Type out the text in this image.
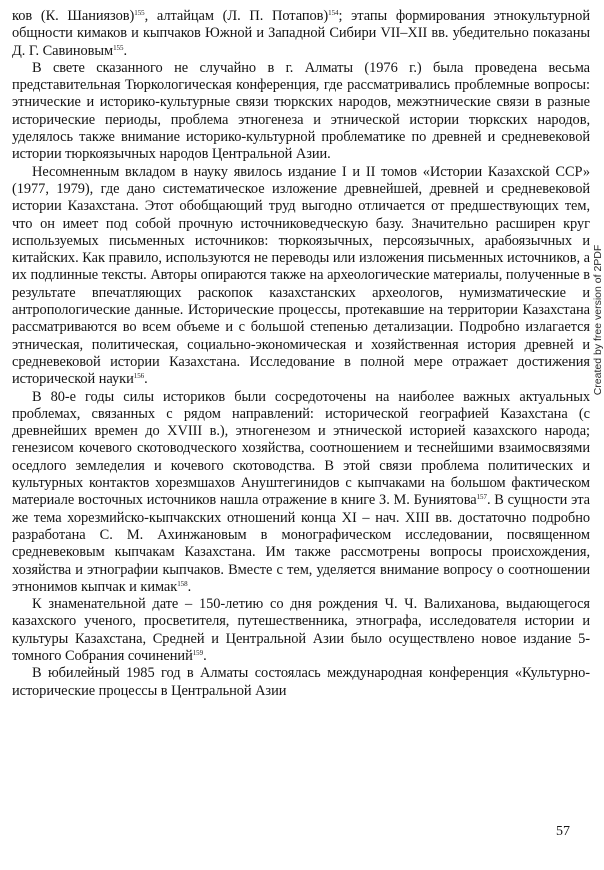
ков (К. Шаниязов)$^{155}$, алтайцам (Л. П. Потапов)$^{154}$; этапы формирования этнокультурной общности кимаков и кыпчаков Южной и Западной Сибири VII–XII вв. убедительно показаны Д. Г. Савиновым$^{155}$.

В свете сказанного не случайно в г. Алматы (1976 г.) была проведена весьма представительная Тюркологическая конференция, где рассматривались проблемные вопросы: этнические и историко-культурные связи тюркских народов, межэтнические связи в разные исторические периоды, проблема этногенеза и этнической истории тюркских народов, уделялось также внимание историко-культурной проблематике по древней и средневековой истории тюркоязычных народов Центральной Азии.

Несомненным вкладом в науку явилось издание I и II томов «Истории Казахской ССР» (1977, 1979), где дано систематическое изложение древнейшей, древней и средневековой истории Казахстана. Этот обобщающий труд выгодно отличается от предшествующих тем, что он имеет под собой прочную источниковедческую базу. Значительно расширен круг используемых письменных источников: тюркоязычных, персоязычных, арабоязычных и китайских. Как правило, используются не переводы или изложения письменных источников, а их подлинные тексты. Авторы опираются также на археологические материалы, полученные в результате впечатляющих раскопок казахстанских археологов, нумизматические и антропологические данные. Исторические процессы, протекавшие на территории Казахстана рассматриваются во всем объеме и с большой степенью детализации. Подробно излагается этническая, политическая, социально-экономическая и хозяйственная история древней и средневековой истории Казахстана. Исследование в полной мере отражает достижения исторической науки$^{156}$.

В 80-е годы силы историков были сосредоточены на наиболее важных актуальных проблемах, связанных с рядом направлений: исторической географией Казахстана (с древнейших времен до XVIII в.), этногенезом и этнической историей казахского народа; генезисом кочевого скотоводческого хозяйства, соотношением и теснейшими взаимосвязями оседлого земледелия и кочевого скотоводства. В этой связи проблема политических и культурных контактов хорезмшахов Ануштегинидов с кыпчаками на большом фактическом материале восточных источников нашла отражение в книге З. М. Буниятова$^{157}$. В сущности эта же тема хорезмийско-кыпчакских отношений конца XI – нач. XIII вв. достаточно подробно разработана С. М. Ахинжановым в монографическом исследовании, посвященном средневековым кыпчакам Казахстана. Им также рассмотрены вопросы происхождения, хозяйства и этнографии кыпчаков. Вместе с тем, уделяется внимание вопросу о соотношении этнонимов кыпчак и кимак$^{158}$.

К знаменательной дате – 150-летию со дня рождения Ч. Ч. Валиханова, выдающегося казахского ученого, просветителя, путешественника, этнографа, исследователя истории и культуры Казахстана, Средней и Центральной Азии было осуществлено новое издание 5-томного Собрания сочинений$^{159}$.

В юбилейный 1985 год в Алматы состоялась международная конференция «Культурно-исторические процессы в Центральной Азии

57
Created by free version of 2PDF
